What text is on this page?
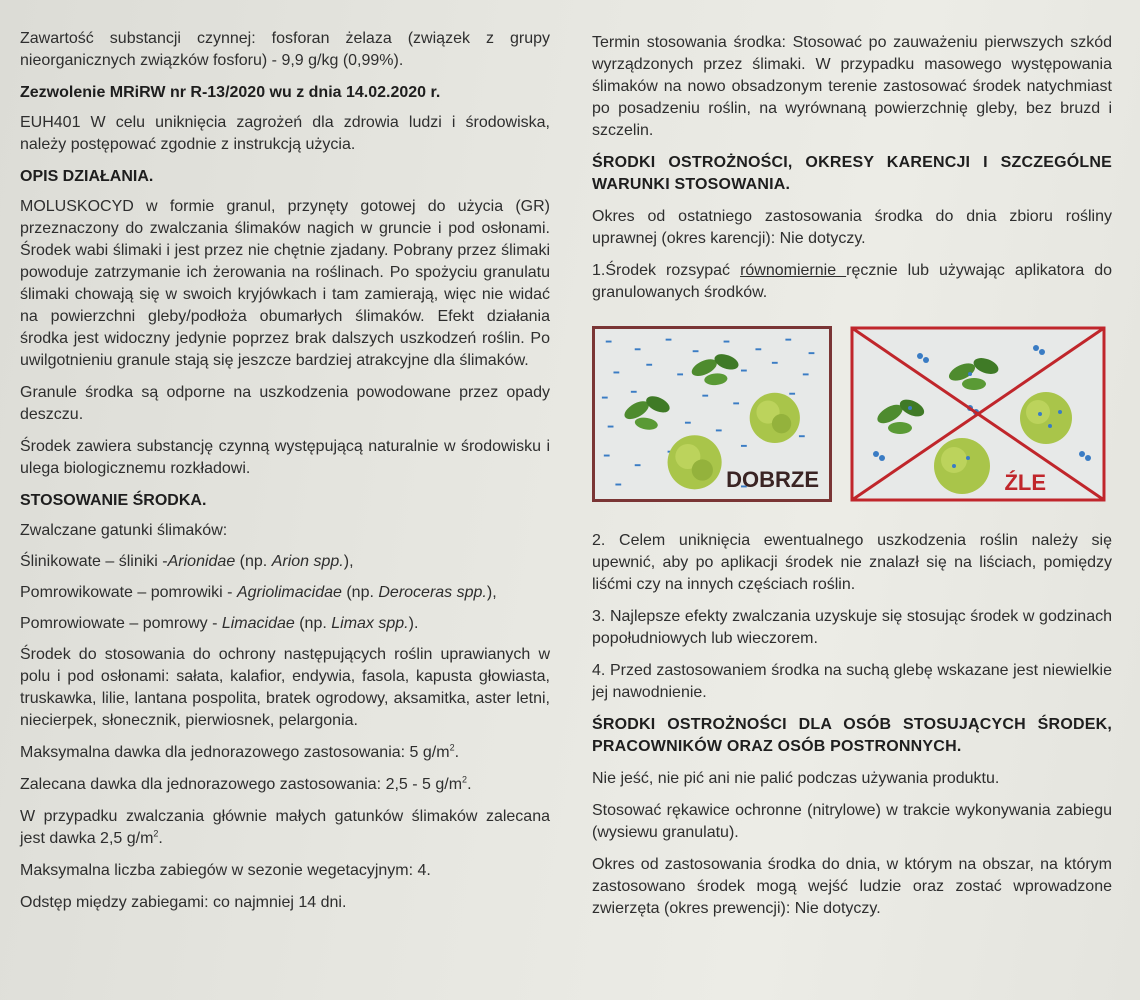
Zawartość substancji czynnej: fosforan żelaza (związek z grupy nieorganicznych związków fosforu) - 9,9 g/kg (0,99%).

Zezwolenie MRiRW nr R-13/2020 wu z dnia 14.02.2020 r.

EUH401 W celu uniknięcia zagrożeń dla zdrowia ludzi i środowiska, należy postępować zgodnie z instrukcją użycia.

OPIS DZIAŁANIA.

MOLUSKOCYD w formie granul, przynęty gotowej do użycia (GR) przeznaczony do zwalczania ślimaków nagich w gruncie i pod osłonami. Środek wabi ślimaki i jest przez nie chętnie zjadany. Pobrany przez ślimaki powoduje zatrzymanie ich żerowania na roślinach. Po spożyciu granulatu ślimaki chowają się w swoich kryjówkach i tam zamierają, więc nie widać na powierzchni gleby/podłoża obumarłych ślimaków. Efekt działania środka jest widoczny jedynie poprzez brak dalszych uszkodzeń roślin. Po uwilgotnieniu granule stają się jeszcze bardziej atrakcyjne dla ślimaków.

Granule środka są odporne na uszkodzenia powodowane przez opady deszczu.

Środek zawiera substancję czynną występującą naturalnie w środowisku i ulega biologicznemu rozkładowi.

STOSOWANIE ŚRODKA.

Zwalczane gatunki ślimaków:

Ślinikowate – śliniki -Arionidae (np. Arion spp.),

Pomrowikowate – pomrowiki - Agriolimacidae (np. Deroceras spp.),

Pomrowiowate – pomrowy - Limacidae (np. Limax spp.).

Środek do stosowania do ochrony następujących roślin uprawianych w polu i pod osłonami: sałata, kalafior, endywia, fasola, kapusta głowiasta, truskawka, lilie, lantana pospolita, bratek ogrodowy, aksamitka, aster letni, niecierpek, słonecznik, pierwiosnek, pelargonia.

Maksymalna dawka dla jednorazowego zastosowania: 5 $g/m^2$.

Zalecana dawka dla jednorazowego zastosowania: 2,5 - 5 $g/m^2$.

W przypadku zwalczania głównie małych gatunków ślimaków zalecana jest dawka 2,5 $g/m^2$.

Maksymalna liczba zabiegów w sezonie wegetacyjnym: 4.

Odstęp między zabiegami: co najmniej 14 dni.

Termin stosowania środka: Stosować po zauważeniu pierwszych szkód wyrządzonych przez ślimaki. W przypadku masowego występowania ślimaków na nowo obsadzonym terenie zastosować środek natychmiast po posadzeniu roślin, na wyrównaną powierzchnię gleby, bez bruzd i szczelin.

ŚRODKI OSTROŻNOŚCI, OKRESY KARENCJI I SZCZEGÓLNE WARUNKI STOSOWANIA.

Okres od ostatniego zastosowania środka do dnia zbioru rośliny uprawnej (okres karencji): Nie dotyczy.

1.Środek rozsypać równomiernie ręcznie lub używając aplikatora do granulowanych środków.

DOBRZE	ŹLE

2. Celem uniknięcia ewentualnego uszkodzenia roślin należy się upewnić, aby po aplikacji środek nie znalazł się na liściach, pomiędzy liśćmi czy na innych częściach roślin.

3. Najlepsze efekty zwalczania uzyskuje się stosując środek w godzinach popołudniowych lub wieczorem.

4. Przed zastosowaniem środka na suchą glebę wskazane jest niewielkie jej nawodnienie.

ŚRODKI OSTROŻNOŚCI DLA OSÓB STOSUJĄCYCH ŚRODEK, PRACOWNIKÓW ORAZ OSÓB POSTRONNYCH.

Nie jeść, nie pić ani nie palić podczas używania produktu.

Stosować rękawice ochronne (nitrylowe) w trakcie wykonywania zabiegu (wysiewu granulatu).

Okres od zastosowania środka do dnia, w którym na obszar, na którym zastosowano środek mogą wejść ludzie oraz zostać wprowadzone zwierzęta (okres prewencji): Nie dotyczy.
